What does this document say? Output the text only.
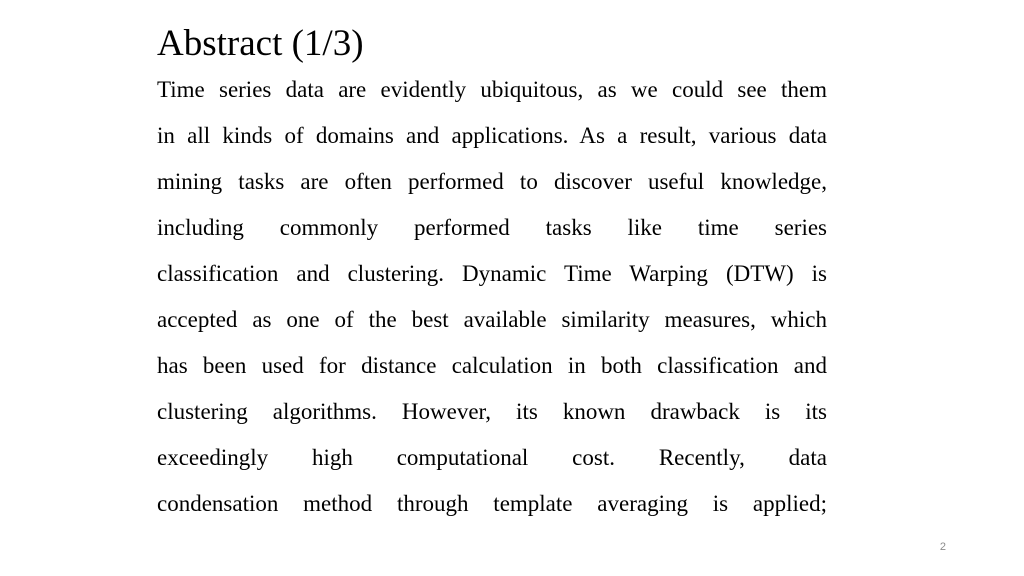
Abstract (1/3)
Time series data are evidently ubiquitous, as we could see them
in all kinds of domains and applications. As a result, various data
mining tasks are often performed to discover useful knowledge,
including commonly performed tasks like time series
classification and clustering. Dynamic Time Warping (DTW) is
accepted as one of the best available similarity measures, which
has been used for distance calculation in both classification and
clustering algorithms. However, its known drawback is its
exceedingly high computational cost. Recently, data
condensation method through template averaging is applied;
2
